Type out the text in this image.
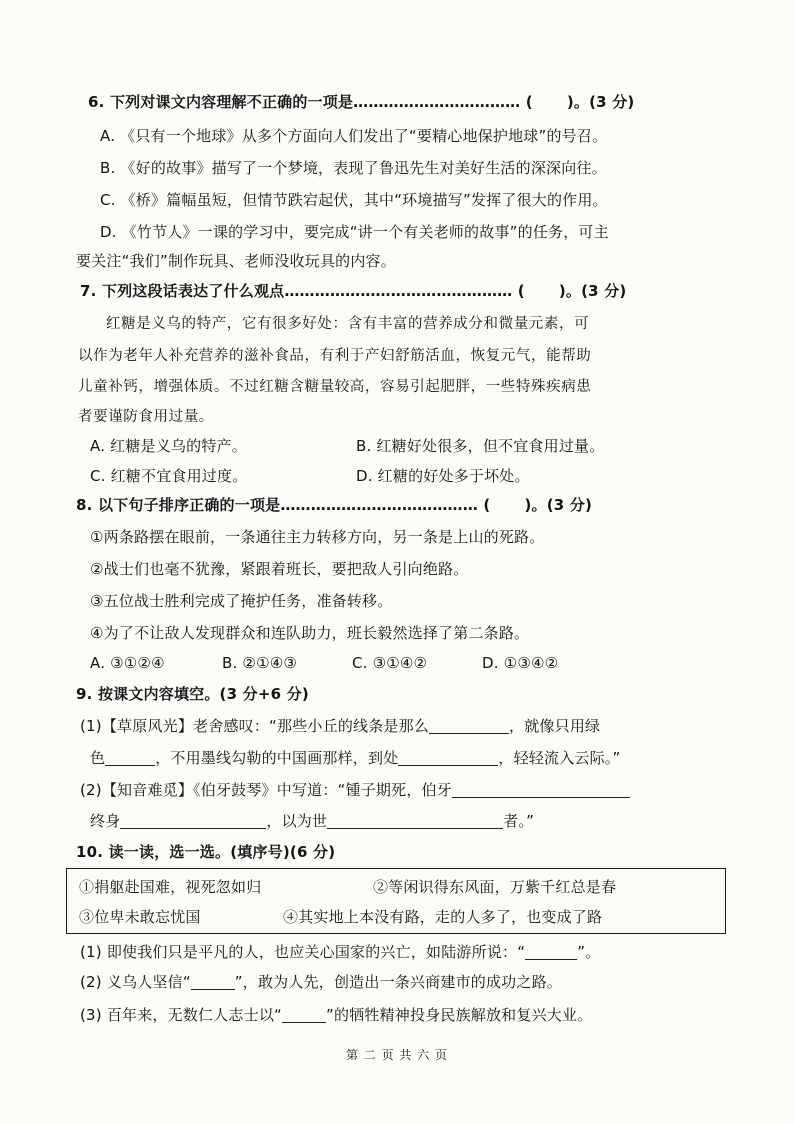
6. 下列对课文内容理解不正确的一项是…………………………… ( )。(3 分)
A. 《只有一个地球》从多个方面向人们发出了“要精心地保护地球”的号召。
B. 《好的故事》描写了一个梦境，表现了鲁迅先生对美好生活的深深向往。
C. 《桥》篇幅虽短，但情节跌宕起伏，其中“环境描写”发挥了很大的作用。
D. 《竹节人》一课的学习中，要完成“讲一个有关老师的故事”的任务，可主
要关注“我们”制作玩具、老师没收玩具的内容。
7. 下列这段话表达了什么观点……………………………………… ( )。(3 分)
红糖是义乌的特产，它有很多好处：含有丰富的营养成分和微量元素，可
以作为老年人补充营养的滋补食品，有利于产妇舒筋活血，恢复元气，能帮助
儿童补钙，增强体质。不过红糖含糖量较高，容易引起肥胖，一些特殊疾病患
者要谨防食用过量。
A. 红糖是义乌的特产。	B. 红糖好处很多，但不宜食用过量。
C. 红糖不宜食用过度。	D. 红糖的好处多于坏处。
8. 以下句子排序正确的一项是………………………………… ( )。(3 分)
①两条路摆在眼前，一条通往主力转移方向，另一条是上山的死路。
②战士们也毫不犹豫，紧跟着班长，要把敌人引向绝路。
③五位战士胜利完成了掩护任务，准备转移。
④为了不让敌人发现群众和连队助力，班长毅然选择了第二条路。
A. ③①②④	B. ②①④③	C. ③①④②	D. ①③④②
9. 按课文内容填空。(3 分+6 分)
(1)【草原风光】老舍感叹：“那些小丘的线条是那么	，就像只用绿
色	，不用墨线勾勒的中国画那样，到处	，轻轻流入云际。”
(2)【知音难觅】《伯牙鼓琴》中写道：“锺子期死，伯牙
终身	，以为世	者。”
10. 读一读，选一选。(填序号)(6 分)
①捐躯赴国难，视死忽如归	②等闲识得东风面，万紫千红总是春
③位卑未敢忘忧国	④其实地上本没有路，走的人多了，也变成了路
(1) 即使我们只是平凡的人，也应关心国家的兴亡，如陆游所说：“	”。
(2) 义乌人坚信“	”，敢为人先，创造出一条兴商建市的成功之路。
(3) 百年来，无数仁人志士以“	”的牺牲精神投身民族解放和复兴大业。
第 二 页 共 六 页
